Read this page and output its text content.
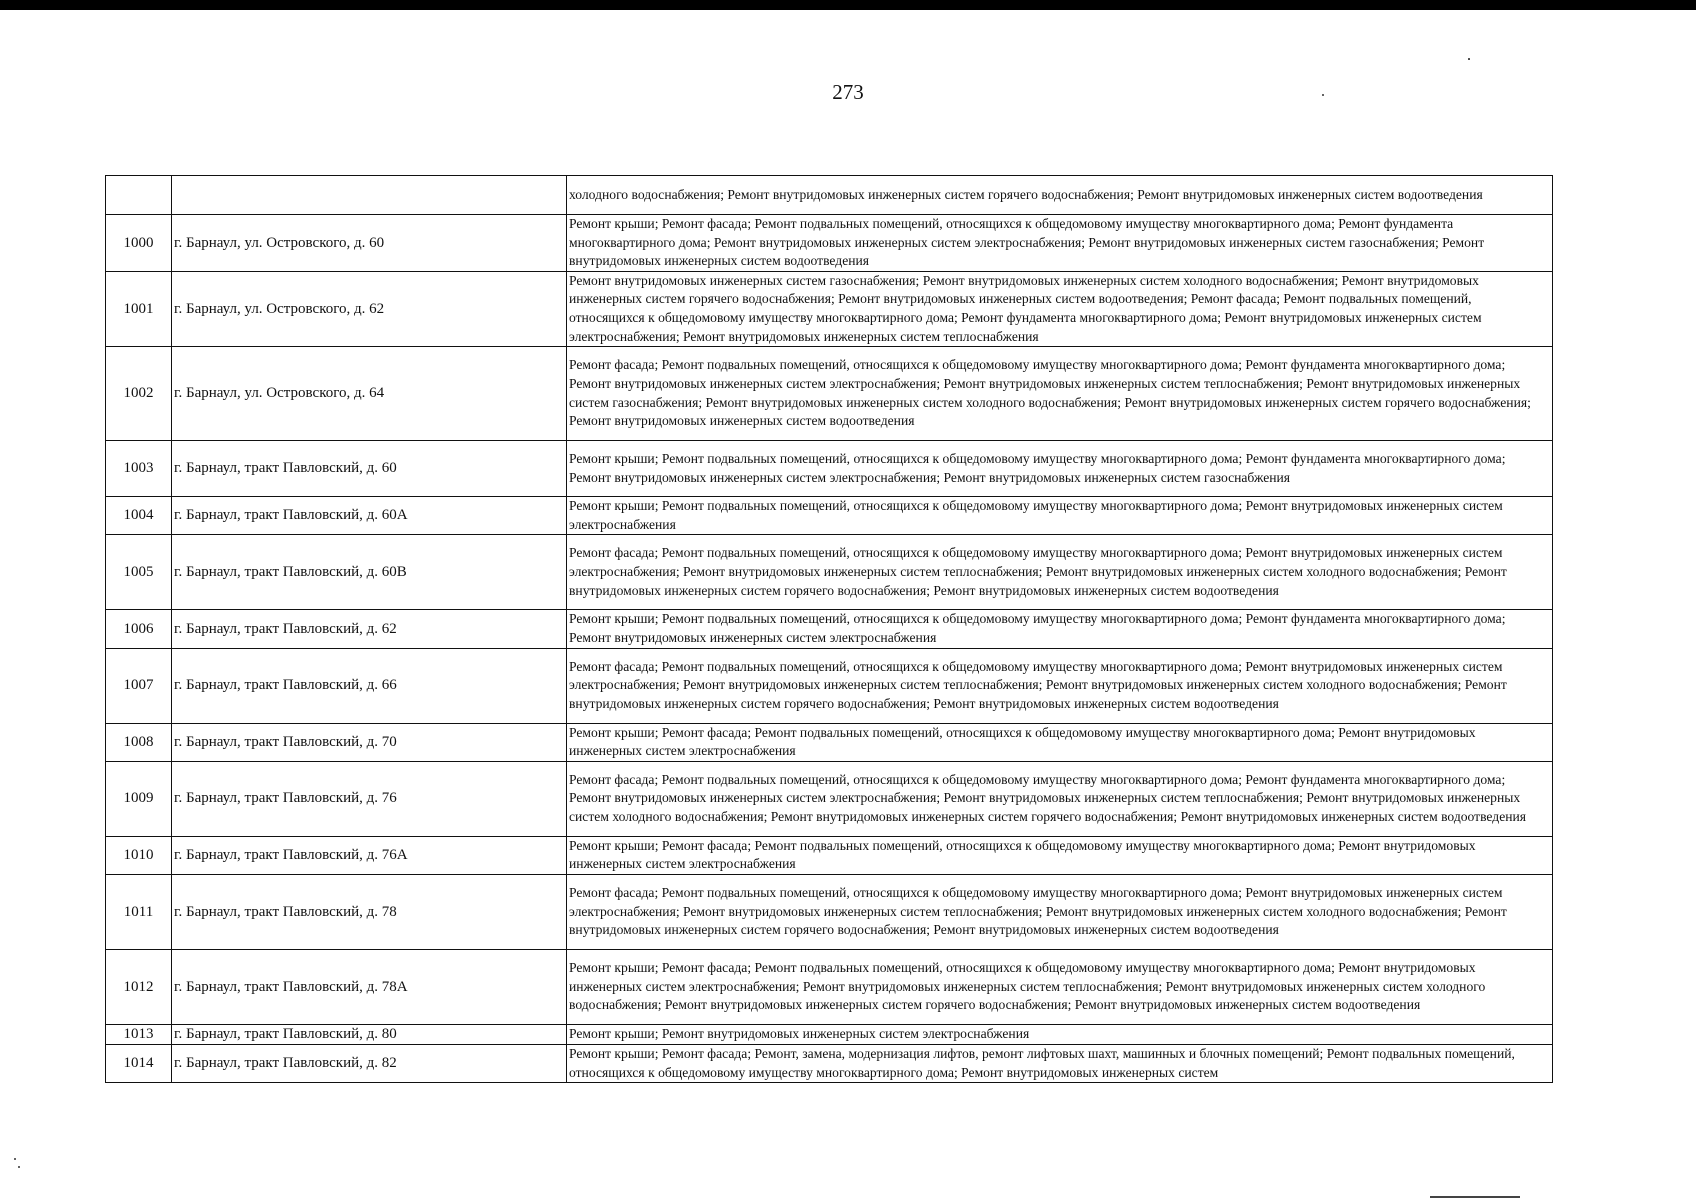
273
		холодного водоснабжения; Ремонт внутридомовых инженерных систем горячего водоснабжения; Ремонт внутридомовых инженерных систем водоотведения
1000	г. Барнаул, ул. Островского, д. 60	Ремонт крыши; Ремонт фасада; Ремонт подвальных помещений, относящихся к общедомовому имуществу многоквартирного дома; Ремонт фундамента многоквартирного дома; Ремонт внутридомовых инженерных систем электроснабжения; Ремонт внутридомовых инженерных систем газоснабжения; Ремонт внутридомовых инженерных систем водоотведения
1001	г. Барнаул, ул. Островского, д. 62	Ремонт внутридомовых инженерных систем газоснабжения; Ремонт внутридомовых инженерных систем холодного водоснабжения; Ремонт внутридомовых инженерных систем горячего водоснабжения; Ремонт внутридомовых инженерных систем водоотведения; Ремонт фасада; Ремонт подвальных помещений, относящихся к общедомовому имуществу многоквартирного дома; Ремонт фундамента многоквартирного дома; Ремонт внутридомовых инженерных систем электроснабжения; Ремонт внутридомовых инженерных систем теплоснабжения
1002	г. Барнаул, ул. Островского, д. 64	Ремонт фасада; Ремонт подвальных помещений, относящихся к общедомовому имуществу многоквартирного дома; Ремонт фундамента многоквартирного дома; Ремонт внутридомовых инженерных систем электроснабжения; Ремонт внутридомовых инженерных систем теплоснабжения; Ремонт внутридомовых инженерных систем газоснабжения; Ремонт внутридомовых инженерных систем холодного водоснабжения; Ремонт внутридомовых инженерных систем горячего водоснабжения; Ремонт внутридомовых инженерных систем водоотведения
1003	г. Барнаул, тракт Павловский, д. 60	Ремонт крыши; Ремонт подвальных помещений, относящихся к общедомовому имуществу многоквартирного дома; Ремонт фундамента многоквартирного дома; Ремонт внутридомовых инженерных систем электроснабжения; Ремонт внутридомовых инженерных систем газоснабжения
1004	г. Барнаул, тракт Павловский, д. 60А	Ремонт крыши; Ремонт подвальных помещений, относящихся к общедомовому имуществу многоквартирного дома; Ремонт внутридомовых инженерных систем электроснабжения
1005	г. Барнаул, тракт Павловский, д. 60В	Ремонт фасада; Ремонт подвальных помещений, относящихся к общедомовому имуществу многоквартирного дома; Ремонт внутридомовых инженерных систем электроснабжения; Ремонт внутридомовых инженерных систем теплоснабжения; Ремонт внутридомовых инженерных систем холодного водоснабжения; Ремонт внутридомовых инженерных систем горячего водоснабжения; Ремонт внутридомовых инженерных систем водоотведения
1006	г. Барнаул, тракт Павловский, д. 62	Ремонт крыши; Ремонт подвальных помещений, относящихся к общедомовому имуществу многоквартирного дома; Ремонт фундамента многоквартирного дома; Ремонт внутридомовых инженерных систем электроснабжения
1007	г. Барнаул, тракт Павловский, д. 66	Ремонт фасада; Ремонт подвальных помещений, относящихся к общедомовому имуществу многоквартирного дома; Ремонт внутридомовых инженерных систем электроснабжения; Ремонт внутридомовых инженерных систем теплоснабжения; Ремонт внутридомовых инженерных систем холодного водоснабжения; Ремонт внутридомовых инженерных систем горячего водоснабжения; Ремонт внутридомовых инженерных систем водоотведения
1008	г. Барнаул, тракт Павловский, д. 70	Ремонт крыши; Ремонт фасада; Ремонт подвальных помещений, относящихся к общедомовому имуществу многоквартирного дома; Ремонт внутридомовых инженерных систем электроснабжения
1009	г. Барнаул, тракт Павловский, д. 76	Ремонт фасада; Ремонт подвальных помещений, относящихся к общедомовому имуществу многоквартирного дома; Ремонт фундамента многоквартирного дома; Ремонт внутридомовых инженерных систем электроснабжения; Ремонт внутридомовых инженерных систем теплоснабжения; Ремонт внутридомовых инженерных систем холодного водоснабжения; Ремонт внутридомовых инженерных систем горячего водоснабжения; Ремонт внутридомовых инженерных систем водоотведения
1010	г. Барнаул, тракт Павловский, д. 76А	Ремонт крыши; Ремонт фасада; Ремонт подвальных помещений, относящихся к общедомовому имуществу многоквартирного дома; Ремонт внутридомовых инженерных систем электроснабжения
1011	г. Барнаул, тракт Павловский, д. 78	Ремонт фасада; Ремонт подвальных помещений, относящихся к общедомовому имуществу многоквартирного дома; Ремонт внутридомовых инженерных систем электроснабжения; Ремонт внутридомовых инженерных систем теплоснабжения; Ремонт внутридомовых инженерных систем холодного водоснабжения; Ремонт внутридомовых инженерных систем горячего водоснабжения; Ремонт внутридомовых инженерных систем водоотведения
1012	г. Барнаул, тракт Павловский, д. 78А	Ремонт крыши; Ремонт фасада; Ремонт подвальных помещений, относящихся к общедомовому имуществу многоквартирного дома; Ремонт внутридомовых инженерных систем электроснабжения; Ремонт внутридомовых инженерных систем теплоснабжения; Ремонт внутридомовых инженерных систем холодного водоснабжения; Ремонт внутридомовых инженерных систем горячего водоснабжения; Ремонт внутридомовых инженерных систем водоотведения
1013	г. Барнаул, тракт Павловский, д. 80	Ремонт крыши; Ремонт внутридомовых инженерных систем электроснабжения
1014	г. Барнаул, тракт Павловский, д. 82	Ремонт крыши; Ремонт фасада; Ремонт, замена, модернизация лифтов, ремонт лифтовых шахт, машинных и блочных помещений; Ремонт подвальных помещений, относящихся к общедомовому имуществу многоквартирного дома; Ремонт внутридомовых инженерных систем
